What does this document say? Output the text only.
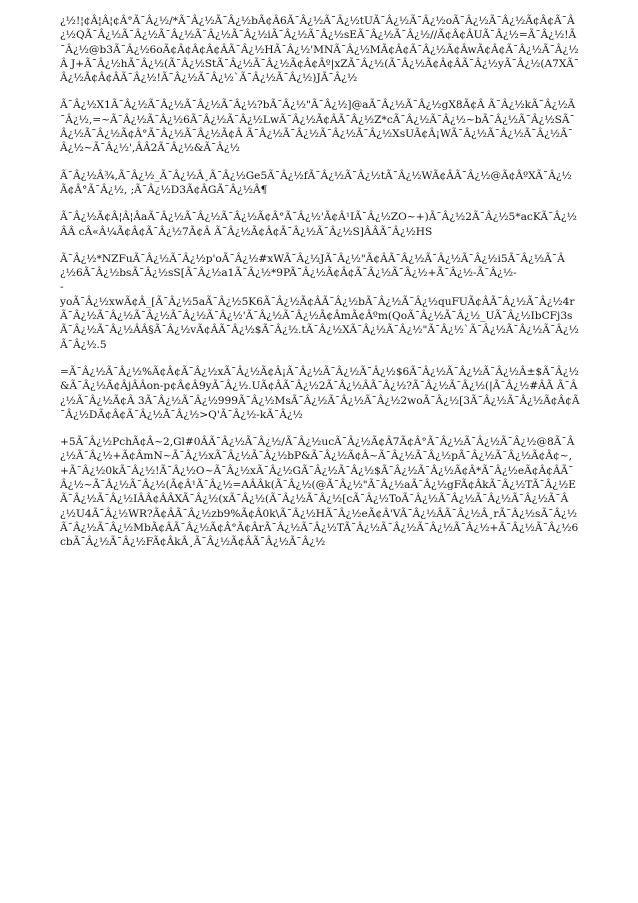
¿½!¦¢Â¦Â¦¢Â°Ã¯Â¿½/*Ã¯Â¿½Ã¯Â¿½bÃ¢Â6Ã¯Â¿½Ã¯Â¿½tUÃ¯Â¿½Ã¯Â¿½oÃ¯Â¿½Ã¯Â¿½Ã¢Â¢Ã¯Â¿½QÃ¯Â¿½Ã¯Â¿½Ã¯Â¿½Ã¯Â¿½Ã¯Â¿½iÃ¯Â¿½Ã¯Â¿½sEÃ¯Â¿½Ã¯Â¿½//Ã¢Â¢ÂUÃ¯Â¿½=Ã¯Â¿½!Ã¯Â¿½@b3Ã¯Â¿½6oÃ¢Â¢Â¢Â¢ÂÃ¯Â¿½HÃ¯Â¿½'MNÃ¯Â¿½MÃ¢Â¢Ã¯Â¿½Ã¢ÂwÃ¢Â¢Ã¯Â¿½Ã¯Â¿½Â J+Ã¯Â¿½hÃ¯Â¿½(Ã¯Â¿½StÃ¯Â¿½Ã¯Â¿½Ã¢Â¢Âº|xZÃ¯Â¿½(Ã¯Â¿½Ã¢Â¢ÂÃ¯Â¿½yÃ¯Â¿½(A7XÃ¯Â¿½Ã¢Â¢ÂÃ¯Â¿½!Ã¯Â¿½Ã¯Â¿½`Ã¯Â¿½Ã¯Â¿½)JÃ¯Â¿½

Ã¯Â¿½X1Ã¯Â¿½Ã¯Â¿½Ã¯Â¿½Ã¯Â¿½?bÃ¯Â¿½"Ã¯Â¿½]@aÃ¯Â¿½Ã¯Â¿½gX8Ã¢Â Ã¯Â¿½kÃ¯Â¿½Ã¯Â¿½,=~Ã¯Â¿½Ã¯Â¿½6Ã¯Â¿½Ã¯Â¿½LwÃ¯Â¿½Ã¢ÂÃ¯Â¿½Z*cÃ¯Â¿½Ã¯Â¿½~bÃ¯Â¿½Ã¯Â¿½SÃ¯Â¿½Ã¯Â¿½Ã¢Â°Ã¯Â¿½Ã¯Â¿½Ã¢Â Ã¯Â¿½Ã¯Â¿½Ã¯Â¿½Ã¯Â¿½XsUÃ¢Â¡WÃ¯Â¿½Ã¯Â¿½Ã¯Â¿½Ã¯Â¿½~Ã¯Â¿½',ÂÂ2Ã¯Â¿½&Ã¯Â¿½

Ã¯Â¿½Â¾,Ã¯Â¿½_Ã¯Â¿½Â¸Ã¯Â¿½Ge5Ã¯Â¿½fÃ¯Â¿½Ã¯Â¿½tÃ¯Â¿½WÃ¢ÂÃ¯Â¿½@Ã¢ÂºXÃ¯Â¿½Ã¢Â°Ã¯Â¿½, ;Ã¯Â¿½D3Ã¢ÂGÃ¯Â¿½Â¶

Ã¯Â¿½Ã¢Â¦Â¦ÂaÃ¯Â¿½Ã¯Â¿½Ã¯Â¿½Ã¢Â°Ã¯Â¿½'Ã¢Â¹IÃ¯Â¿½ZO~+)Ã¯Â¿½2Ã¯Â¿½5*acKÃ¯Â¿½ÂÂ cÂ«Â¼Ã¢Â¢Ã¯Â¿½7Ã¢Â Ã¯Â¿½Ã¢Â¢Ã¯Â¿½Ã¯Â¿½S]ÂÂÃ¯Â¿½HS

Ã¯Â¿½*NZFuÃ¯Â¿½Ã¯Â¿½p'oÃ¯Â¿½#xWÃ¯Â¿½JÃ¯Â¿½"Ã¢ÂÃ¯Â¿½Ã¯Â¿½Ã¯Â¿½i5Ã¯Â¿½Ã¯Â¿½6Ã¯Â¿½bsÃ¯Â¿½sS[Ã¯Â¿½a1Ã¯Â¿½*9PÃ¯Â¿½Ã¢Â¢Ã¯Â¿½Ã¯Â¿½+Ã¯Â¿½-Ã¯Â¿½-
-
yoÃ¯Â¿½xwÃ¢Â_[Ã¯Â¿½5aÃ¯Â¿½5K6Ã¯Â¿½Ã¢ÂÃ¯Â¿½bÃ¯Â¿½Ã¯Â¿½quFUÃ¢ÂÃ¯Â¿½Ã¯Â¿½4rÃ¯Â¿½Ã¯Â¿½Ã¯Â¿½Ã¯Â¿½Ã¯Â¿½'Ã¯Â¿½Ã¯Â¿½Ã¢ÂmÃ¢Âºm(QoÃ¯Â¿½Ã¯Â¿½_UÃ¯Â¿½IbCFj3sÃ¯Â¿½Ã¯Â¿½ÂÂ§Ã¯Â¿½vÃ¢ÂÃ¯Â¿½$Ã¯Â¿½.tÃ¯Â¿½XÃ¯Â¿½Ã¯Â¿½"Ã¯Â¿½`Ã¯Â¿½Ã¯Â¿½Ã¯Â¿½Ã¯Â¿½.5

=Ã¯Â¿½Ã¯Â¿½%Ã¢Â¢Ã¯Â¿½xÃ¯Â¿½Ã¢Â¡Ã¯Â¿½Ã¯Â¿½Ã¯Â¿½$6Ã¯Â¿½Ã¯Â¿½Ã¯Â¿½Â±$Ã¯Â¿½&Ã¯Â¿½Ã¢ÂjÂÂon-p¢Â¢Â9yÃ¯Â¿½.UÃ¢ÂÃ¯Â¿½2Ã¯Â¿½ÂÃ¯Â¿½?Ã¯Â¿½Ã¯Â¿½(|Ã¯Â¿½#ÂÃ Ã¯Â¿½Ã¯Â¿½Ã¢Â 3Ã¯Â¿½Ã¯Â¿½999Ã¯Â¿½MsÃ¯Â¿½Ã¯Â¿½Ã¯Â¿½2woÃ¯Â¿½[3Ã¯Â¿½Ã¯Â¿½Ã¢Â¢Ã¯Â¿½DÃ¢Â¢Ã¯Â¿½Ã¯Â¿½>Q'Ã¯Â¿½-kÃ¯Â¿½

+5Ã¯Â¿½PchÃ¢Â~2,Gl#0ÂÃ¯Â¿½Ã¯Â¿½/Ã¯Â¿½ucÃ¯Â¿½Ã¢Â7Ã¢Â°Ã¯Â¿½Ã¯Â¿½Ã¯Â¿½@8Ã¯Â¿½Ã¯Â¿½+Ã¢ÂmN~Ã¯Â¿½xÃ¯Â¿½Ã¯Â¿½bP&Ã¯Â¿½Ã¢Â~Ã¯Â¿½Ã¯Â¿½pÃ¯Â¿½Ã¯Â¿½Ã¢Â¢~,+Ã¯Â¿½0kÃ¯Â¿½!Ã¯Â¿½O~Ã¯Â¿½xÃ¯Â¿½GÃ¯Â¿½Ã¯Â¿½$Ã¯Â¿½Ã¯Â¿½Ã¢Â*Ã¯Â¿½eÃ¢Â¢ÂÃ¯Â¿½~Ã¯Â¿½Ã¯Â¿½(Ã¢Â¹Ã¯Â¿½=AÂÂk(Ã¯Â¿½(@Ã¯Â¿½"Ã¯Â¿½aÃ¯Â¿½gFÃ¢ÂkÃ¯Â¿½TÃ¯Â¿½EÃ¯Â¿½Ã¯Â¿½IÂÂ¢ÂÂXÃ¯Â¿½(xÃ¯Â¿½(Ã¯Â¿½Ã¯Â¿½[cÃ¯Â¿½ToÃ¯Â¿½Ã¯Â¿½Ã¯Â¿½Ã¯Â¿½Ã¯Â¿½U4Ã¯Â¿½WR?Ã¢ÂÃ¯Â¿½zb9%Ã¢Â0k\Ã¯Â¿½HÃ¯Â¿½eÃ¢Â'VÃ¯Â¿½ÂÃ¯Â¿½Â¸rÃ¯Â¿½sÃ¯Â¿½Ã¯Â¿½Ã¯Â¿½MbÃ¢ÂÃ¯Â¿½Ã¢Â°Ã¢ÂrÃ¯Â¿½Ã¯Â¿½TÃ¯Â¿½Ã¯Â¿½Ã¯Â¿½Ã¯Â¿½+Ã¯Â¿½Ã¯Â¿½6cbÃ¯Â¿½Ã¯Â¿½FÃ¢ÂkÂ¸Ã¯Â¿½Ã¢ÂÃ¯Â¿½Ã¯Â¿½
